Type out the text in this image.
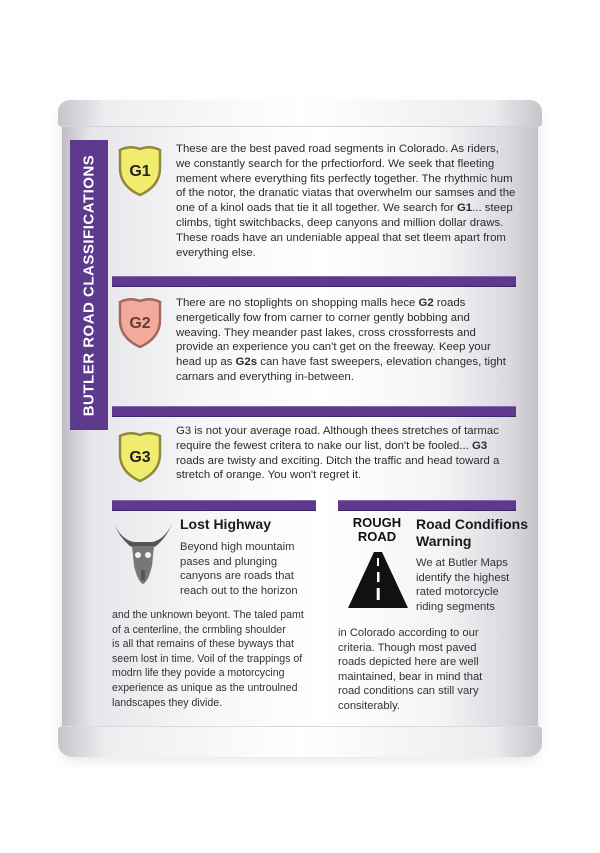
BUTLER ROAD CLASSIFICATIONS G1
These are the best paved road segments in Colorado. As riders, we constantly search for the prfectiorford. We seek that fleeting mement where everything fits perfectly together. The rhythmic hum of the notor, the dranatic viatas that overwhelm our samses and the one of a kinol oads that tie it all together. We search for G1... steep climbs, tight switchbacks, deep canyons and million dollar draws. These roads have an undeniable appeal that set tleem apart from everything else.
G2
There are no stoplights on shopping malls hece G2 roads energetically fow from carner to corner gently bobbing and weaving. They meander past lakes, cross crossforrests and provide an experience you can't get on the freeway. Keep your head up as G2s can have fast sweepers, elevation changes, tight carnars and everything in-between.
G3
G3 is not your average road. Although thees stretches of tarmac require the fewest critera to nake our list, don't be fooled... G3 roads are twisty and exciting. Ditch the traffic and head toward a stretch of orange. You won't regret it.
Lost Highway
Beyond high mountaim
pases and plunging
canyons are roads that
reach out to the horizon
and the unknown beyont. The taled pamt
of a centerline, the crmbling shoulder
is all that remains of these byways that
seem lost in time. Voil of the trappings of
modrn life they povide a motorcycing
experience as unique as the untroulned
landscapes they divide.
ROUGH
ROAD
Road Condifions
Warning
We at Butler Maps
identify the highest
rated motorcycle
riding segments
in Colorado according to our
criteria. Though most paved
roads depicted here are well
maintained, bear in mind that
road conditions can still vary
consiterably.
